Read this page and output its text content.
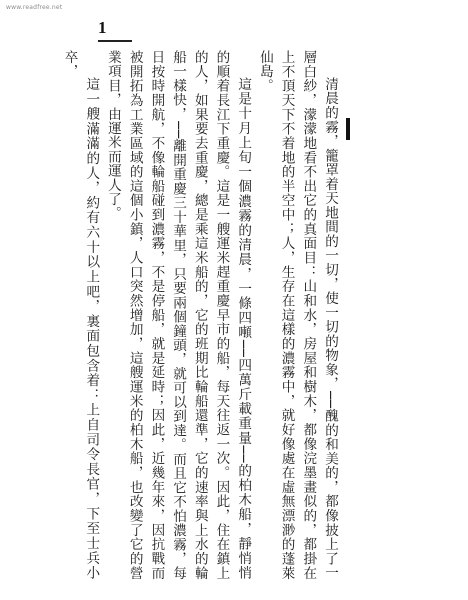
www.readfree.net
1

清晨的霧，籠罩着天地間的一切，使一切的物象，──醜的和美的，都像披上了一層白紗，濛濛地看不出它的真面目：山和水，房屋和樹木，都像浣墨畫似的，都掛在上不頂天下不着地的半空中；人，生存在這樣的濃霧中，就好像處在虛無漂渺的蓬萊仙島。

這是十月上旬一個濃霧的清晨，一條四噸──四萬斤載重量──的柏木船，靜悄悄的順着長江下重慶。這是一艘運米趕重慶早市的船，每天往返一次。因此，住在鎮上的人，如果要去重慶，總是乘這米船的，它的班期比輪船還準，它的速率與上水的輪船一樣快，──離開重慶三十華里，只要兩個鐘頭，就可以到達。而且它不怕濃霧，每日按時開航，不像輪船碰到濃霧，不是停船，就是延時；因此，近幾年來，因抗戰而被開拓為工業區域的這個小鎮，人口突然增加，這艘運米的柏木船，也改變了它的營業項目，由運米而運人了。

這一艘滿滿的人，約有六十以上吧，裏面包含着：上自司令長官，下至士兵小卒，
